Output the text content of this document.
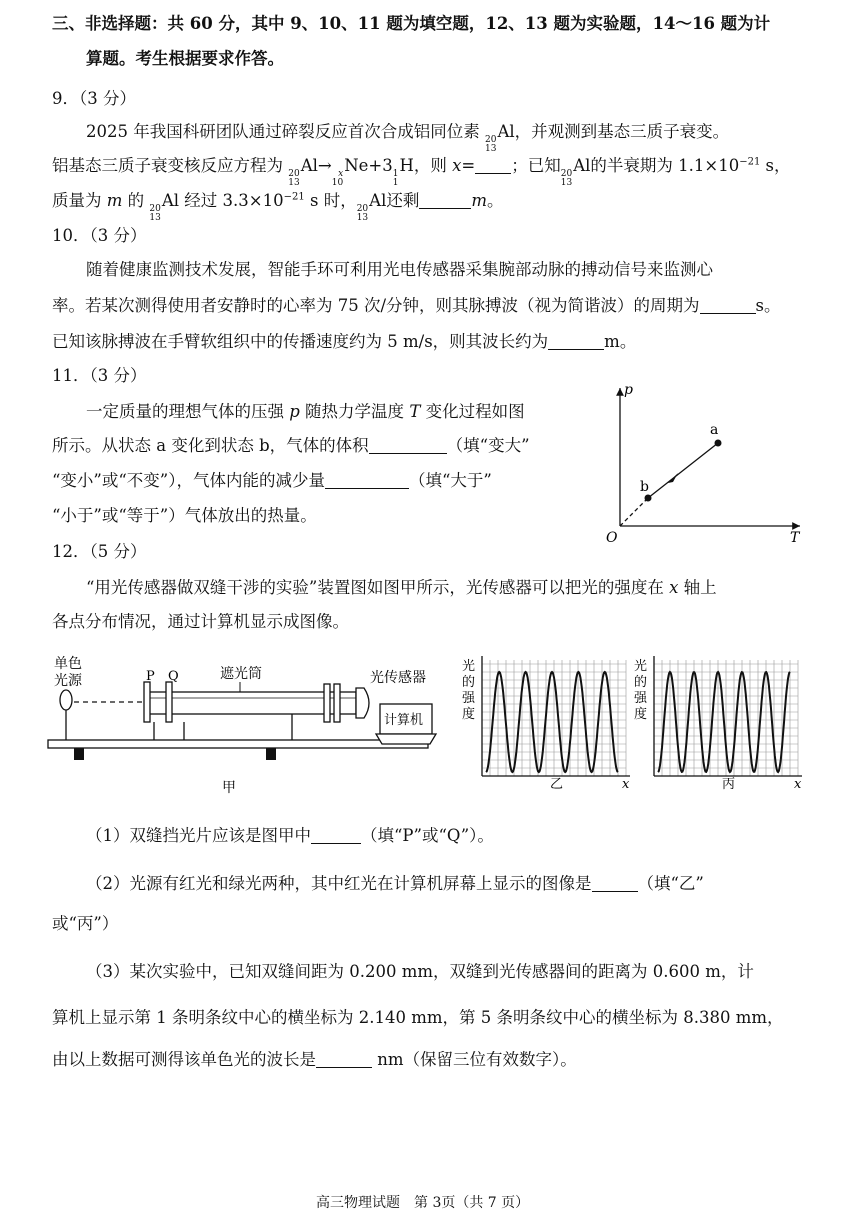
三、非选择题：共 60 分，其中 9、10、11 题为填空题，12、13 题为实验题，14～16 题为计
算题。考生根据要求作答。
9．（3 分）
2025 年我国科研团队通过碎裂反应首次合成铝同位素 20
13
Al，并观测到基态三质子衰变。
铝基态三质子衰变核反应方程为 20
13
Al→ x
10
Ne+3 1
1
H，则 x= ；已知 20
13
Al的半衰期为 $1.1\times 10^{-21}$ s，
质量为 m 的 20
13
Al 经过 $3.3\times 10^{-21}$ s 时， 20
13
Al还剩	m。
10．（3 分）
随着健康监测技术发展，智能手环可利用光电传感器采集腕部动脉的搏动信号来监测心
率。若某次测得使用者安静时的心率为 75 次/分钟，则其脉搏波（视为简谐波）的周期为	s。
已知该脉搏波在手臂软组织中的传播速度约为 5 m/s，则其波长约为	m。
11．（3 分）
一定质量的理想气体的压强 p 随热力学温度 T 变化过程如图
所示。从状态 a 变化到状态 b，气体的体积	（填“变大”
“变小”或“不变”），气体内能的减少量	（填“大于”
“小于”或“等于”）气体放出的热量。
p
T
O
a
b
12．（5 分）
“用光传感器做双缝干涉的实验”装置图如图甲所示，光传感器可以把光的强度在 x 轴上
各点分布情况，通过计算机显示成图像。
单色
光源	P Q	遮光筒	光传感器
计算机
甲
光
的
强
度
乙	x
光
的
强
度
丙	x
（1）双缝挡光片应该是图甲中	（填“P”或“Q”）。
（2）光源有红光和绿光两种，其中红光在计算机屏幕上显示的图像是	（填“乙”
或“丙”）
（3）某次实验中，已知双缝间距为 0.200 mm，双缝到光传感器间的距离为 0.600 m，计
算机上显示第 1 条明条纹中心的横坐标为 2.140 mm，第 5 条明条纹中心的横坐标为 8.380 mm，
由以上数据可测得该单色光的波长是	nm（保留三位有效数字）。
高三物理试题　第 3页（共 7 页）
